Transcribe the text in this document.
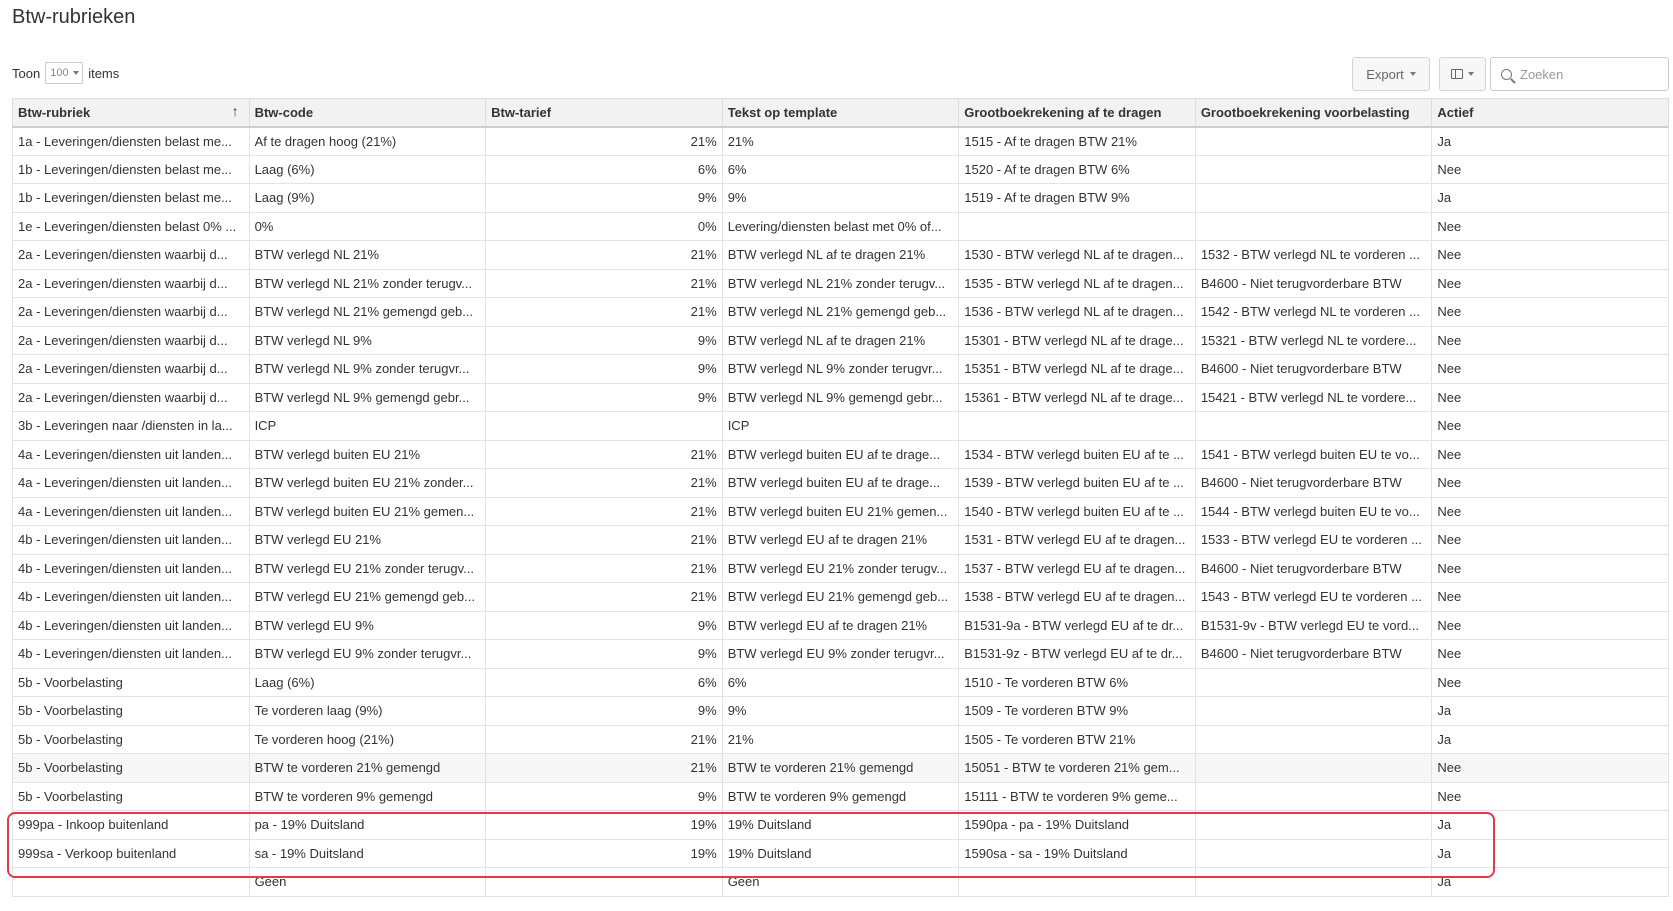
Btw-rubrieken
Toon 100 items	Export
Zoeken
Btw-rubriek ↑	Btw-code	Btw-tarief	Tekst op template	Grootboekrekening af te dragen	Grootboekrekening voorbelasting	Actief
1a - Leveringen/diensten belast me...	Af te dragen hoog (21%)	21%	21%	1515 - Af te dragen BTW 21%		Ja
1b - Leveringen/diensten belast me...	Laag (6%)	6%	6%	1520 - Af te dragen BTW 6%		Nee
1b - Leveringen/diensten belast me...	Laag (9%)	9%	9%	1519 - Af te dragen BTW 9%		Ja
1e - Leveringen/diensten belast 0% ...	0%	0%	Levering/diensten belast met 0% of...			Nee
2a - Leveringen/diensten waarbij d...	BTW verlegd NL 21%	21%	BTW verlegd NL af te dragen 21%	1530 - BTW verlegd NL af te dragen...	1532 - BTW verlegd NL te vorderen ...	Nee
2a - Leveringen/diensten waarbij d...	BTW verlegd NL 21% zonder terugv...	21%	BTW verlegd NL 21% zonder terugv...	1535 - BTW verlegd NL af te dragen...	B4600 - Niet terugvorderbare BTW	Nee
2a - Leveringen/diensten waarbij d...	BTW verlegd NL 21% gemengd geb...	21%	BTW verlegd NL 21% gemengd geb...	1536 - BTW verlegd NL af te dragen...	1542 - BTW verlegd NL te vorderen ...	Nee
2a - Leveringen/diensten waarbij d...	BTW verlegd NL 9%	9%	BTW verlegd NL af te dragen 21%	15301 - BTW verlegd NL af te drage...	15321 - BTW verlegd NL te vordere...	Nee
2a - Leveringen/diensten waarbij d...	BTW verlegd NL 9% zonder terugvr...	9%	BTW verlegd NL 9% zonder terugvr...	15351 - BTW verlegd NL af te drage...	B4600 - Niet terugvorderbare BTW	Nee
2a - Leveringen/diensten waarbij d...	BTW verlegd NL 9% gemengd gebr...	9%	BTW verlegd NL 9% gemengd gebr...	15361 - BTW verlegd NL af te drage...	15421 - BTW verlegd NL te vordere...	Nee
3b - Leveringen naar /diensten in la...	ICP		ICP			Nee
4a - Leveringen/diensten uit landen...	BTW verlegd buiten EU 21%	21%	BTW verlegd buiten EU af te drage...	1534 - BTW verlegd buiten EU af te ...	1541 - BTW verlegd buiten EU te vo...	Nee
4a - Leveringen/diensten uit landen...	BTW verlegd buiten EU 21% zonder...	21%	BTW verlegd buiten EU af te drage...	1539 - BTW verlegd buiten EU af te ...	B4600 - Niet terugvorderbare BTW	Nee
4a - Leveringen/diensten uit landen...	BTW verlegd buiten EU 21% gemen...	21%	BTW verlegd buiten EU 21% gemen...	1540 - BTW verlegd buiten EU af te ...	1544 - BTW verlegd buiten EU te vo...	Nee
4b - Leveringen/diensten uit landen...	BTW verlegd EU 21%	21%	BTW verlegd EU af te dragen 21%	1531 - BTW verlegd EU af te dragen...	1533 - BTW verlegd EU te vorderen ...	Nee
4b - Leveringen/diensten uit landen...	BTW verlegd EU 21% zonder terugv...	21%	BTW verlegd EU 21% zonder terugv...	1537 - BTW verlegd EU af te dragen...	B4600 - Niet terugvorderbare BTW	Nee
4b - Leveringen/diensten uit landen...	BTW verlegd EU 21% gemengd geb...	21%	BTW verlegd EU 21% gemengd geb...	1538 - BTW verlegd EU af te dragen...	1543 - BTW verlegd EU te vorderen ...	Nee
4b - Leveringen/diensten uit landen...	BTW verlegd EU 9%	9%	BTW verlegd EU af te dragen 21%	B1531-9a - BTW verlegd EU af te dr...	B1531-9v - BTW verlegd EU te vord...	Nee
4b - Leveringen/diensten uit landen...	BTW verlegd EU 9% zonder terugvr...	9%	BTW verlegd EU 9% zonder terugvr...	B1531-9z - BTW verlegd EU af te dr...	B4600 - Niet terugvorderbare BTW	Nee
5b - Voorbelasting	Laag (6%)	6%	6%	1510 - Te vorderen BTW 6%		Nee
5b - Voorbelasting	Te vorderen laag (9%)	9%	9%	1509 - Te vorderen BTW 9%		Ja
5b - Voorbelasting	Te vorderen hoog (21%)	21%	21%	1505 - Te vorderen BTW 21%		Ja
5b - Voorbelasting	BTW te vorderen 21% gemengd	21%	BTW te vorderen 21% gemengd	15051 - BTW te vorderen 21% gem...		Nee
5b - Voorbelasting	BTW te vorderen 9% gemengd	9%	BTW te vorderen 9% gemengd	15111 - BTW te vorderen 9% geme...		Nee
999pa - Inkoop buitenland	pa - 19% Duitsland	19%	19% Duitsland	1590pa - pa - 19% Duitsland		Ja
999sa - Verkoop buitenland	sa - 19% Duitsland	19%	19% Duitsland	1590sa - sa - 19% Duitsland		Ja
	Geen		Geen			Ja
